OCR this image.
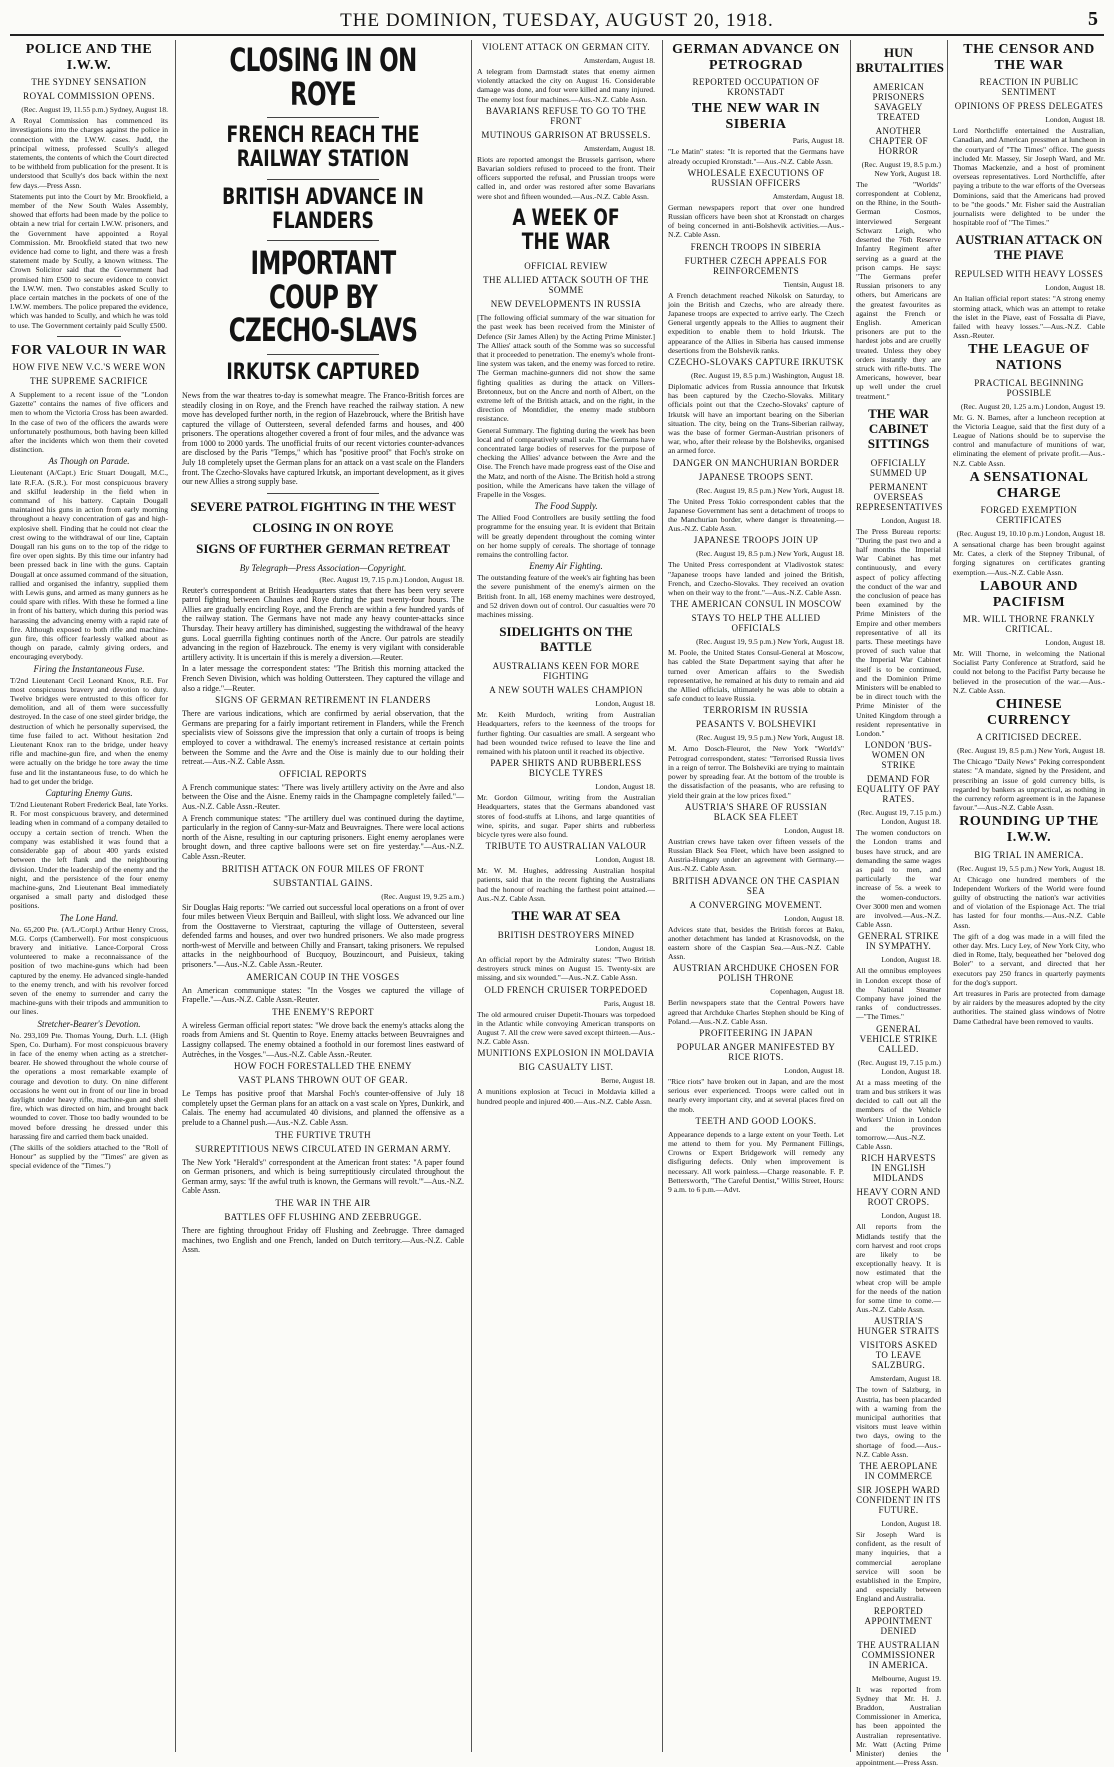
THE DOMINION, TUESDAY, AUGUST 20, 1918.	5
POLICE AND THE I.W.W.
THE SYDNEY SENSATION
ROYAL COMMISSION OPENS.
(Rec. August 19, 11.55 p.m.) Sydney, August 18.

A Royal Commission has commenced its investigations into the charges against the police in connection with the I.W.W. cases. Judd, the principal witness, professed Scully's alleged statements, the contents of which the Court directed to be withheld from publication for the present. It is understood that Scully's dos back within the next few days.—Press Assn.

Statements put into the Court by Mr. Brookfield, a member of the New South Wales Assembly, showed that efforts had been made by the police to obtain a new trial for certain I.W.W. prisoners, and the Government have appointed a Royal Commission. Mr. Brookfield stated that two new evidence had come to light, and there was a fresh statement made by Scully, a known witness. The Crown Solicitor said that the Government had promised him £500 to secure evidence to convict the I.W.W. men. Two constables asked Scully to place certain matches in the pockets of one of the I.W.W. members. The police prepared the evidence, which was handed to Scully, and which he was told to use. The Government certainly paid Scully £500.

FOR VALOUR IN WAR
HOW FIVE NEW V.C.'S WERE WON
THE SUPREME SACRIFICE

A Supplement to a recent issue of the "London Gazette" contains the names of five officers and men to whom the Victoria Cross has been awarded. In the case of two of the officers the awards were unfortunately posthumous, both having been killed after the incidents which won them their coveted distinction.

As Though on Parade.

Lieutenant (A/Capt.) Eric Stuart Dougall, M.C., late R.F.A. (S.R.). For most conspicuous bravery and skilful leadership in the field when in command of his battery. Captain Dougall maintained his guns in action from early morning throughout a heavy concentration of gas and high-explosive shell. Finding that he could not clear the crest owing to the withdrawal of our line, Captain Dougall ran his guns on to the top of the ridge to fire over open sights. By this time our infantry had been pressed back in line with the guns. Captain Dougall at once assumed command of the situation, rallied and organised the infantry, supplied them with Lewis guns, and armed as many gunners as he could spare with rifles. With these he formed a line in front of his battery, which during this period was harassing the advancing enemy with a rapid rate of fire. Although exposed to both rifle and machine-gun fire, this officer fearlessly walked about as though on parade, calmly giving orders, and encouraging everybody.

Firing the Instantaneous Fuse.

T/2nd Lieutenant Cecil Leonard Knox, R.E. For most conspicuous bravery and devotion to duty. Twelve bridges were entrusted to this officer for demolition, and all of them were successfully destroyed. In the case of one steel girder bridge, the destruction of which he personally supervised, the time fuse failed to act. Without hesitation 2nd Lieutenant Knox ran to the bridge, under heavy rifle and machine-gun fire, and when the enemy were actually on the bridge he tore away the time fuse and lit the instantaneous fuse, to do which he had to get under the bridge.

Capturing Enemy Guns.

T/2nd Lieutenant Robert Frederick Beal, late Yorks. R. For most conspicuous bravery, and determined leading when in command of a company detailed to occupy a certain section of trench. When the company was established it was found that a considerable gap of about 400 yards existed between the left flank and the neighbouring division. Under the leadership of the enemy and the night, and the persistence of the four enemy machine-guns, 2nd Lieutenant Beal immediately organised a small party and dislodged these positions.

The Lone Hand.

No. 65,200 Pte. (A/L./Corpl.) Arthur Henry Cross, M.G. Corps (Camberwell). For most conspicuous bravery and initiative. Lance-Corporal Cross volunteered to make a reconnaissance of the position of two machine-guns which had been captured by the enemy. He advanced single-handed to the enemy trench, and with his revolver forced seven of the enemy to surrender and carry the machine-guns with their tripods and ammunition to our lines.

Stretcher-Bearer's Devotion.

No. 293,109 Pte. Thomas Young, Durh. L.I. (High Spen, Co. Durham). For most conspicuous bravery in face of the enemy when acting as a stretcher-bearer. He showed throughout the whole course of the operations a most remarkable example of courage and devotion to duty. On nine different occasions he went out in front of our line in broad daylight under heavy rifle, machine-gun and shell fire, which was directed on him, and brought back wounded to cover. Those too badly wounded to be moved before dressing he dressed under this harassing fire and carried them back unaided.

(The skills of the soldiers attached to the "Roll of Honour" as supplied by the "Times" are given as special evidence of the "Times.")

CLOSING IN ON ROYE
FRENCH REACH THE RAILWAY STATION
BRITISH ADVANCE IN FLANDERS
IMPORTANT COUP BY CZECHO-SLAVS
IRKUTSK CAPTURED

News from the war theatres to-day is somewhat meagre. The Franco-British forces are steadily closing in on Roye, and the French have reached the railway station. A new move has developed further north, in the region of Hazebrouck, where the British have captured the village of Outtersteen, several defended farms and houses, and 400 prisoners. The operations altogether covered a front of four miles, and the advance was from 1000 to 2000 yards. The unofficial fruits of our recent victories counter-advances are disclosed by the Paris "Temps," which has "positive proof" that Foch's stroke on July 18 completely upset the German plans for an attack on a vast scale on the Flanders front. The Czecho-Slovaks have captured Irkutsk, an important development, as it gives our new Allies a strong supply base.

SEVERE PATROL FIGHTING IN THE WEST
CLOSING IN ON ROYE
SIGNS OF FURTHER GERMAN RETREAT
By Telegraph—Press Association—Copyright.
(Rec. August 19, 7.15 p.m.) London, August 18.

Reuter's correspondent at British Headquarters states that there has been very severe patrol fighting between Chaulnes and Roye during the past twenty-four hours. The Allies are gradually encircling Roye, and the French are within a few hundred yards of the railway station. The Germans have not made any heavy counter-attacks since Thursday. Their heavy artillery has diminished, suggesting the withdrawal of the heavy guns. Local guerrilla fighting continues north of the Ancre. Our patrols are steadily advancing in the region of Hazebrouck. The enemy is very vigilant with considerable artillery activity. It is uncertain if this is merely a diversion.—Reuter.

In a later message the correspondent states: "The British this morning attacked the French Seven Division, which was holding Outtersteen. They captured the village and also a ridge."—Reuter.

SIGNS OF GERMAN RETIREMENT IN FLANDERS

There are various indications, which are confirmed by aerial observation, that the Germans are preparing for a fairly important retirement in Flanders, while the French specialists view of Soissons give the impression that only a curtain of troops is being employed to cover a withdrawal. The enemy's increased resistance at certain points between the Somme and the Avre and the Oise is mainly due to our holding their retreat.—Aus.-N.Z. Cable Assn.

OFFICIAL REPORTS

A French communique states: "There was lively artillery activity on the Avre and also between the Oise and the Aisne. Enemy raids in the Champagne completely failed."—Aus.-N.Z. Cable Assn.-Reuter.

A French communique states: "The artillery duel was continued during the daytime, particularly in the region of Canny-sur-Matz and Beuvraignes. There were local actions north of the Aisne, resulting in our capturing prisoners. Eight enemy aeroplanes were brought down, and three captive balloons were set on fire yesterday."—Aus.-N.Z. Cable Assn.-Reuter.

BRITISH ATTACK ON FOUR MILES OF FRONT
SUBSTANTIAL GAINS.
(Rec. August 19, 9.25 a.m.)

Sir Douglas Haig reports: "We carried out successful local operations on a front of over four miles between Vieux Berquin and Bailleul, with slight loss. We advanced our line from the Oosttaverne to Vierstraat, capturing the village of Outtersteen, several defended farms and houses, and over two hundred prisoners. We also made progress north-west of Merville and between Chilly and Fransart, taking prisoners. We repulsed attacks in the neighbourhood of Bucquoy, Bouzincourt, and Puisieux, taking prisoners."—Aus.-N.Z. Cable Assn.-Reuter.

AMERICAN COUP IN THE VOSGES

An American communique states: "In the Vosges we captured the village of Frapelle."—Aus.-N.Z. Cable Assn.-Reuter.

THE ENEMY'S REPORT

A wireless German official report states: "We drove back the enemy's attacks along the roads from Amiens and St. Quentin to Roye. Enemy attacks between Beuvraignes and Lassigny collapsed. The enemy obtained a foothold in our foremost lines eastward of Autrèches, in the Vosges."—Aus.-N.Z. Cable Assn.-Reuter.

HOW FOCH FORESTALLED THE ENEMY
VAST PLANS THROWN OUT OF GEAR.

Le Temps has positive proof that Marshal Foch's counter-offensive of July 18 completely upset the German plans for an attack on a vast scale on Ypres, Dunkirk, and Calais. The enemy had accumulated 40 divisions, and planned the offensive as a prelude to a Channel push.—Aus.-N.Z. Cable Assn.

THE FURTIVE TRUTH
SURREPTITIOUS NEWS CIRCULATED IN GERMAN ARMY.

The New York "Herald's" correspondent at the American front states: "A paper found on German prisoners, and which is being surreptitiously circulated throughout the German army, says: 'If the awful truth is known, the Germans will revolt.'"—Aus.-N.Z. Cable Assn.

THE WAR IN THE AIR
BATTLES OFF FLUSHING AND ZEEBRUGGE.

There are fighting throughout Friday off Flushing and Zeebrugge. Three damaged machines, two English and one French, landed on Dutch territory.—Aus.-N.Z. Cable Assn.

VIOLENT ATTACK ON GERMAN CITY.
Amsterdam, August 18.

A telegram from Darmstadt states that enemy airmen violently attacked the city on August 16. Considerable damage was done, and four were killed and many injured. The enemy lost four machines.—Aus.-N.Z. Cable Assn.

BAVARIANS REFUSE TO GO TO THE FRONT
MUTINOUS GARRISON AT BRUSSELS.
Amsterdam, August 18.

Riots are reported amongst the Brussels garrison, where Bavarian soldiers refused to proceed to the front. Their officers supported the refusal, and Prussian troops were called in, and order was restored after some Bavarians were shot and fifteen wounded.—Aus.-N.Z. Cable Assn.

A WEEK OF THE WAR
OFFICIAL REVIEW
THE ALLIED ATTACK SOUTH OF THE SOMME
NEW DEVELOPMENTS IN RUSSIA

[The following official summary of the war situation for the past week has been received from the Minister of Defence (Sir James Allen) by the Acting Prime Minister.] The Allies' attack south of the Somme was so successful that it proceeded to penetration. The enemy's whole front-line system was taken, and the enemy was forced to retire. The German machine-gunners did not show the same fighting qualities as during the attack on Villers-Bretonneux, but on the Ancre and north of Albert, on the extreme left of the British attack, and on the right, in the direction of Montdidier, the enemy made stubborn resistance.

General Summary. The fighting during the week has been local and of comparatively small scale. The Germans have concentrated large bodies of reserves for the purpose of checking the Allies' advance between the Avre and the Oise. The French have made progress east of the Oise and the Matz, and north of the Aisne. The British hold a strong position, while the Americans have taken the village of Frapelle in the Vosges.

The Food Supply.

The Allied Food Controllers are busily settling the food programme for the ensuing year. It is evident that Britain will be greatly dependent throughout the coming winter on her home supply of cereals. The shortage of tonnage remains the controlling factor.

Enemy Air Fighting.

The outstanding feature of the week's air fighting has been the severe punishment of the enemy's airmen on the British front. In all, 168 enemy machines were destroyed, and 52 driven down out of control. Our casualties were 70 machines missing.

SIDELIGHTS ON THE BATTLE
AUSTRALIANS KEEN FOR MORE FIGHTING
A NEW SOUTH WALES CHAMPION
London, August 18.

Mr. Keith Murdoch, writing from Australian Headquarters, refers to the keenness of the troops for further fighting. Our casualties are small. A sergeant who had been wounded twice refused to leave the line and remained with his platoon until it reached its objective.

PAPER SHIRTS AND RUBBERLESS BICYCLE TYRES
London, August 18.

Mr. Gordon Gilmour, writing from the Australian Headquarters, states that the Germans abandoned vast stores of food-stuffs at Lihons, and large quantities of wine, spirits, and sugar. Paper shirts and rubberless bicycle tyres were also found.

TRIBUTE TO AUSTRALIAN VALOUR
London, August 18.

Mr. W. M. Hughes, addressing Australian hospital patients, said that in the recent fighting the Australians had the honour of reaching the farthest point attained.—Aus.-N.Z. Cable Assn.

THE WAR AT SEA
BRITISH DESTROYERS MINED
London, August 18.

An official report by the Admiralty states: "Two British destroyers struck mines on August 15. Twenty-six are missing, and six wounded."—Aus.-N.Z. Cable Assn.

OLD FRENCH CRUISER TORPEDOED
Paris, August 18.

The old armoured cruiser Dupetit-Thouars was torpedoed in the Atlantic while convoying American transports on August 7. All the crew were saved except thirteen.—Aus.-N.Z. Cable Assn.

MUNITIONS EXPLOSION IN MOLDAVIA
BIG CASUALTY LIST.
Berne, August 18.

A munitions explosion at Tecuci in Moldavia killed a hundred people and injured 400.—Aus.-N.Z. Cable Assn.

GERMAN ADVANCE ON PETROGRAD
REPORTED OCCUPATION OF KRONSTADT
THE NEW WAR IN SIBERIA
Paris, August 18.

"Le Matin" states: "It is reported that the Germans have already occupied Kronstadt."—Aus.-N.Z. Cable Assn.

WHOLESALE EXECUTIONS OF RUSSIAN OFFICERS
Amsterdam, August 18.

German newspapers report that over one hundred Russian officers have been shot at Kronstadt on charges of being concerned in anti-Bolshevik activities.—Aus.-N.Z. Cable Assn.

FRENCH TROOPS IN SIBERIA
FURTHER CZECH APPEALS FOR REINFORCEMENTS
Tientsin, August 18.

A French detachment reached Nikolsk on Saturday, to join the British and Czechs, who are already there. Japanese troops are expected to arrive early. The Czech General urgently appeals to the Allies to augment their expedition to enable them to hold Irkutsk. The appearance of the Allies in Siberia has caused immense desertions from the Bolshevik ranks.

CZECHO-SLOVAKS CAPTURE IRKUTSK
(Rec. August 19, 8.5 p.m.) Washington, August 18.

Diplomatic advices from Russia announce that Irkutsk has been captured by the Czecho-Slovaks. Military officials point out that the Czecho-Slovaks' capture of Irkutsk will have an important bearing on the Siberian situation. The city, being on the Trans-Siberian railway, was the base of former German-Austrian prisoners of war, who, after their release by the Bolsheviks, organised an armed force.

DANGER ON MANCHURIAN BORDER
JAPANESE TROOPS SENT.
(Rec. August 19, 8.5 p.m.) New York, August 18.

The United Press Tokio correspondent cables that the Japanese Government has sent a detachment of troops to the Manchurian border, where danger is threatening.—Aus.-N.Z. Cable Assn.

JAPANESE TROOPS JOIN UP
(Rec. August 19, 8.5 p.m.) New York, August 18.

The United Press correspondent at Vladivostok states: "Japanese troops have landed and joined the British, French, and Czecho-Slovaks. They received an ovation when on their way to the front."—Aus.-N.Z. Cable Assn.

THE AMERICAN CONSUL IN MOSCOW
STAYS TO HELP THE ALLIED OFFICIALS
(Rec. August 19, 9.5 p.m.) New York, August 18.

M. Poole, the United States Consul-General at Moscow, has cabled the State Department saying that after he turned over American affairs to the Swedish representative, he remained at his duty to remain and aid the Allied officials, ultimately he was able to obtain a safe conduct to leave Russia.

TERRORISM IN RUSSIA
PEASANTS V. BOLSHEVIKI
(Rec. August 19, 9.5 p.m.) New York, August 18.

M. Arno Dosch-Fleurot, the New York "World's" Petrograd correspondent, states: "Terrorised Russia lives in a reign of terror. The Bolsheviki are trying to maintain power by spreading fear. At the bottom of the trouble is the dissatisfaction of the peasants, who are refusing to yield their grain at the low prices fixed."

AUSTRIA'S SHARE OF RUSSIAN BLACK SEA FLEET
London, August 18.

Austrian crews have taken over fifteen vessels of the Russian Black Sea Fleet, which have been assigned to Austria-Hungary under an agreement with Germany.—Aus.-N.Z. Cable Assn.

BRITISH ADVANCE ON THE CASPIAN SEA
A CONVERGING MOVEMENT.
London, August 18.

Advices state that, besides the British forces at Baku, another detachment has landed at Krasnovodsk, on the eastern shore of the Caspian Sea.—Aus.-N.Z. Cable Assn.

AUSTRIAN ARCHDUKE CHOSEN FOR POLISH THRONE
Copenhagen, August 18.

Berlin newspapers state that the Central Powers have agreed that Archduke Charles Stephen should be King of Poland.—Aus.-N.Z. Cable Assn.

PROFITEERING IN JAPAN
POPULAR ANGER MANIFESTED BY RICE RIOTS.
London, August 18.

"Rice riots" have broken out in Japan, and are the most serious ever experienced. Troops were called out in nearly every important city, and at several places fired on the mob.

TEETH AND GOOD LOOKS.

Appearance depends to a large extent on your Teeth. Let me attend to them for you. My Permanent Fillings, Crowns or Expert Bridgework will remedy any disfiguring defects. Only when improvement is necessary. All work painless.—Charge reasonable. F. P. Bettersworth, "The Careful Dentist," Willis Street, Hours: 9 a.m. to 6 p.m.—Advt.

HUN BRUTALITIES
AMERICAN PRISONERS SAVAGELY TREATED
ANOTHER CHAPTER OF HORROR
(Rec. August 19, 8.5 p.m.) New York, August 18.

The "Worlds" correspondent at Coblenz, on the Rhine, in the South-German Cosmos, interviewed Sergeant Schwarz Leigh, who deserted the 76th Reserve Infantry Regiment after serving as a guard at the prison camps. He says: "The Germans prefer Russian prisoners to any others, but Americans are the greatest favourites as against the French or English. American prisoners are put to the hardest jobs and are cruelly treated. Unless they obey orders instantly they are struck with rifle-butts. The Americans, however, bear up well under the cruel treatment."

THE WAR CABINET SITTINGS
OFFICIALLY SUMMED UP
PERMANENT OVERSEAS REPRESENTATIVES
London, August 18.

The Press Bureau reports: "During the past two and a half months the Imperial War Cabinet has met continuously, and every aspect of policy affecting the conduct of the war and the conclusion of peace has been examined by the Prime Ministers of the Empire and other members representative of all its parts. These meetings have proved of such value that the Imperial War Cabinet itself is to be continued, and the Dominion Prime Ministers will be enabled to be in direct touch with the Prime Minister of the United Kingdom through a resident representative in London."

LONDON 'BUS-WOMEN ON STRIKE
DEMAND FOR EQUALITY OF PAY RATES.
(Rec. August 19, 7.15 p.m.) London, August 18.

The women conductors on the London trams and buses have struck, and are demanding the same wages as paid to men, and particularly the war increase of 5s. a week to the women-conductors. Over 3000 men and women are involved.—Aus.-N.Z. Cable Assn.

GENERAL STRIKE IN SYMPATHY.
London, August 18.

All the omnibus employees in London except those of the National Steamer Company have joined the ranks of conductresses.—"The Times."

GENERAL VEHICLE STRIKE CALLED.
(Rec. August 19, 7.15 p.m.) London, August 18.

At a mass meeting of the tram and bus strikers it was decided to call out all the members of the Vehicle Workers' Union in London and the provinces tomorrow.—Aus.-N.Z. Cable Assn.

RICH HARVESTS IN ENGLISH MIDLANDS
HEAVY CORN AND ROOT CROPS.
London, August 18.

All reports from the Midlands testify that the corn harvest and root crops are likely to be exceptionally heavy. It is now estimated that the wheat crop will be ample for the needs of the nation for some time to come.—Aus.-N.Z. Cable Assn.

AUSTRIA'S HUNGER STRAITS
VISITORS ASKED TO LEAVE SALZBURG.
Amsterdam, August 18.

The town of Salzburg, in Austria, has been placarded with a warning from the municipal authorities that visitors must leave within two days, owing to the shortage of food.—Aus.-N.Z. Cable Assn.

THE AEROPLANE IN COMMERCE
SIR JOSEPH WARD CONFIDENT IN ITS FUTURE.
London, August 18.

Sir Joseph Ward is confident, as the result of many inquiries, that a commercial aeroplane service will soon be established in the Empire, and especially between England and Australia.

REPORTED APPOINTMENT DENIED
THE AUSTRALIAN COMMISSIONER IN AMERICA.
Melbourne, August 19.

It was reported from Sydney that Mr. H. J. Braddon, Australian Commissioner in America, has been appointed the Australian representative. Mr. Watt (Acting Prime Minister) denies the appointment.—Press Assn.

THE CENSOR AND THE WAR
REACTION IN PUBLIC SENTIMENT
OPINIONS OF PRESS DELEGATES
London, August 18.

Lord Northcliffe entertained the Australian, Canadian, and American pressmen at luncheon in the courtyard of "The Times" office. The guests included Mr. Massey, Sir Joseph Ward, and Mr. Thomas Mackenzie, and a host of prominent overseas representatives. Lord Northcliffe, after paying a tribute to the war efforts of the Overseas Dominions, said that the Americans had proved to be "the goods." Mr. Fisher said the Australian journalists were delighted to be under the hospitable roof of "The Times."

AUSTRIAN ATTACK ON THE PIAVE
REPULSED WITH HEAVY LOSSES
London, August 18.

An Italian official report states: "A strong enemy storming attack, which was an attempt to retake the islet in the Piave, east of Fossalta di Piave, failed with heavy losses."—Aus.-N.Z. Cable Assn.-Reuter.

THE LEAGUE OF NATIONS
PRACTICAL BEGINNING POSSIBLE
(Rec. August 20, 1.25 a.m.) London, August 19.

Mr. G. N. Barnes, after a luncheon reception at the Victoria League, said that the first duty of a League of Nations should be to supervise the control and manufacture of munitions of war, eliminating the element of private profit.—Aus.-N.Z. Cable Assn.

A SENSATIONAL CHARGE
FORGED EXEMPTION CERTIFICATES
(Rec. August 19, 10.10 p.m.) London, August 18.

A sensational charge has been brought against Mr. Cates, a clerk of the Stepney Tribunal, of forging signatures on certificates granting exemption.—Aus.-N.Z. Cable Assn.

LABOUR AND PACIFISM
MR. WILL THORNE FRANKLY CRITICAL.
London, August 18.

Mr. Will Thorne, in welcoming the National Socialist Party Conference at Stratford, said he could not belong to the Pacifist Party because he believed in the prosecution of the war.—Aus.-N.Z. Cable Assn.

CHINESE CURRENCY
A CRITICISED DECREE.
(Rec. August 19, 8.5 p.m.) New York, August 18.

The Chicago "Daily News" Peking correspondent states: "A mandate, signed by the President, and prescribing an issue of gold currency bills, is regarded by bankers as unpractical, as nothing in the currency reform agreement is in the Japanese favour."—Aus.-N.Z. Cable Assn.

ROUNDING UP THE I.W.W.
BIG TRIAL IN AMERICA.
(Rec. August 19, 5.5 p.m.) New York, August 18.

At Chicago one hundred members of the Independent Workers of the World were found guilty of obstructing the nation's war activities and of violation of the Espionage Act. The trial has lasted for four months.—Aus.-N.Z. Cable Assn.

The gift of a dog was made in a will filed the other day. Mrs. Lucy Ley, of New York City, who died in Rome, Italy, bequeathed her "beloved dog Boler" to a servant, and directed that her executors pay 250 francs in quarterly payments for the dog's support.

Art treasures in Paris are protected from damage by air raiders by the measures adopted by the city authorities. The stained glass windows of Notre Dame Cathedral have been removed to vaults.
